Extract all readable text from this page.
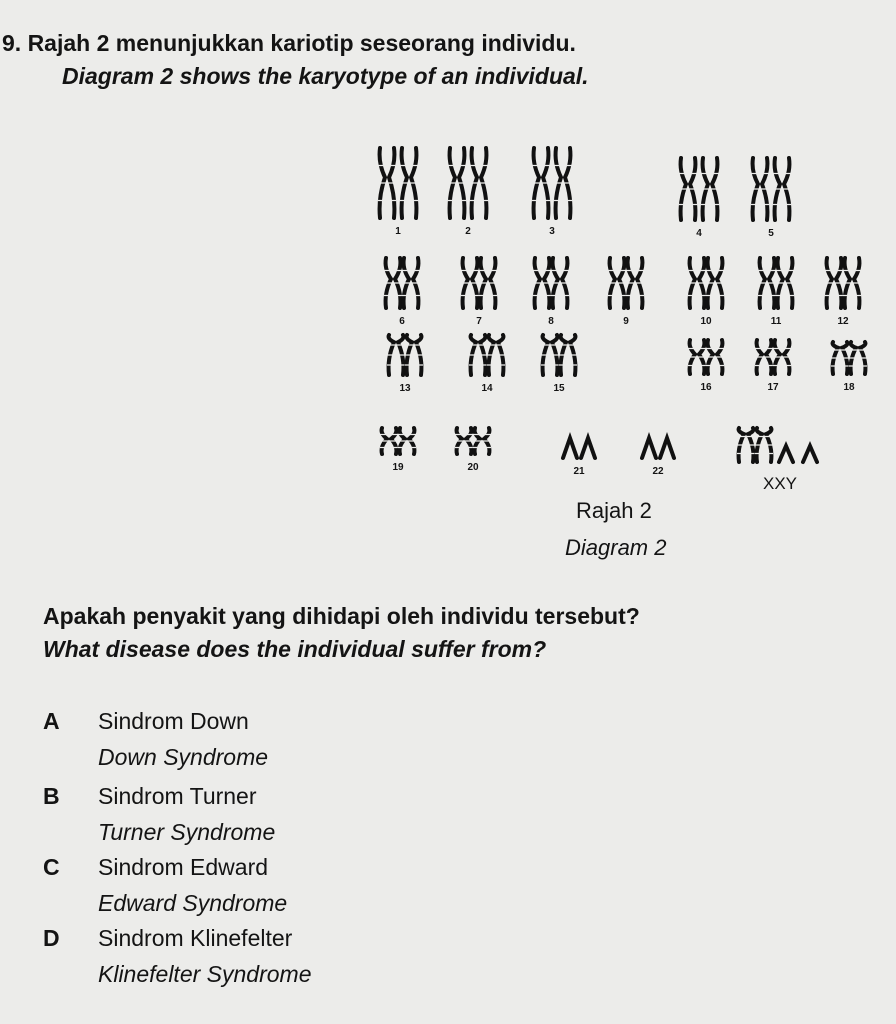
9. Rajah 2 menunjukkan kariotip seseorang individu.
Diagram 2 shows the karyotype of an individual.
1	2	3	4	5
6	7	8	9	10	11	12
13	14	15	16	17	18
19	20	21	22
XXY
Rajah 2
Diagram 2
Apakah penyakit yang dihidapi oleh individu tersebut?
What disease does the individual suffer from?
A	Sindrom Down
Down Syndrome
B	Sindrom Turner
Turner Syndrome
C	Sindrom Edward
Edward Syndrome
D	Sindrom Klinefelter
Klinefelter Syndrome
